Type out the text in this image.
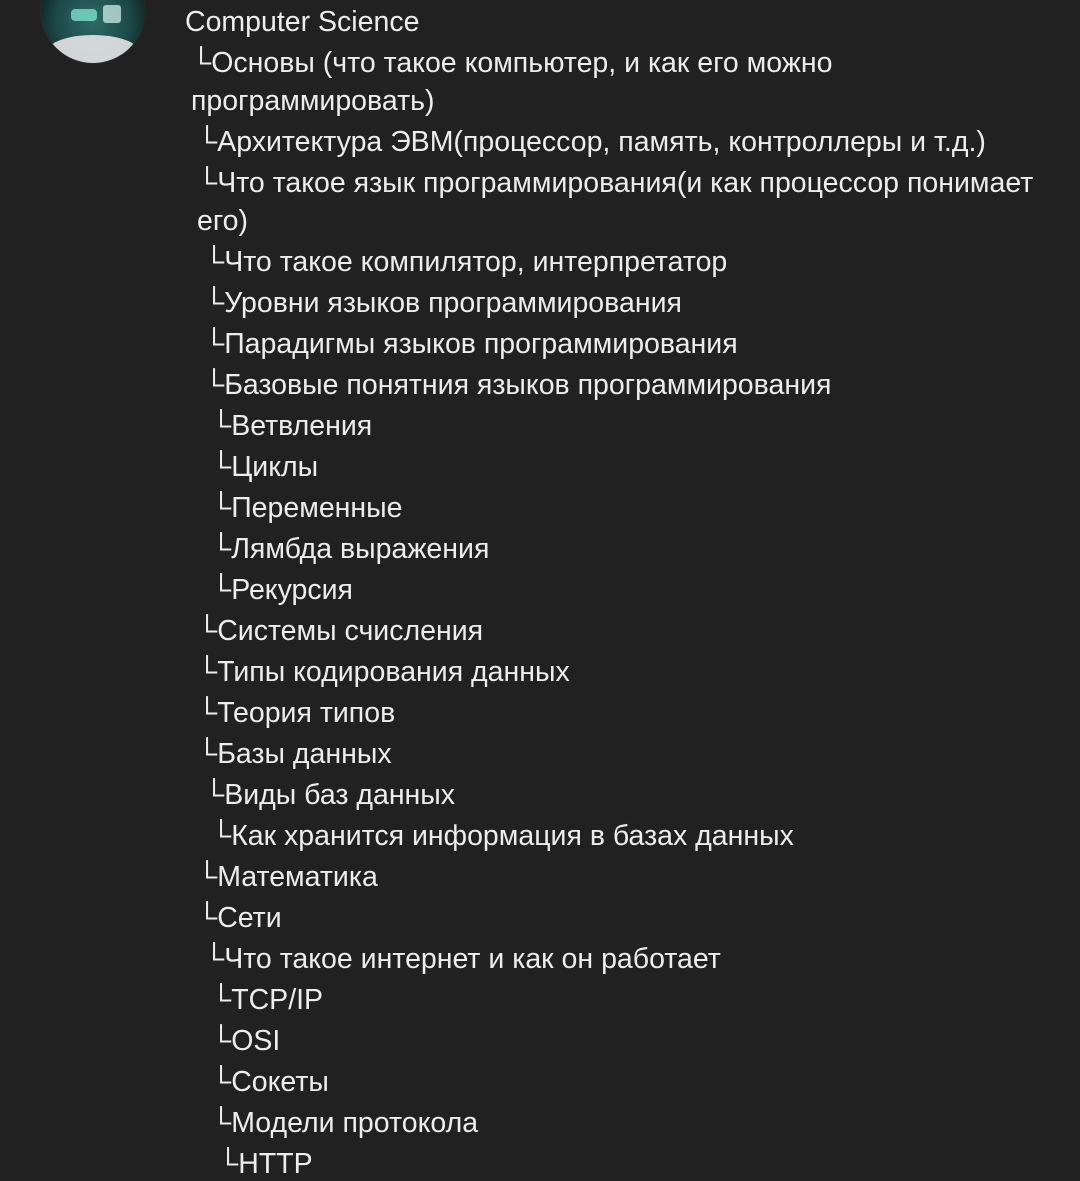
Computer Science
└Основы (что такое компьютер, и как его можно программировать)
└Архитектура ЭВМ(процессор, память, контроллеры и т.д.)
└Что такое язык программирования(и как процессор понимает его)
└Что такое компилятор, интерпретатор
└Уровни языков программирования
└Парадигмы языков программирования
└Базовые понятния языков программирования
└Ветвления
└Циклы
└Переменные
└Лямбда выражения
└Рекурсия
└Системы счисления
└Типы кодирования данных
└Теория типов
└Базы данных
└Виды баз данных
└Как хранится информация в базах данных
└Математика
└Сети
└Что такое интернет и как он работает
└TCP/IP
└OSI
└Сокеты
└Модели протокола
└HTTP
